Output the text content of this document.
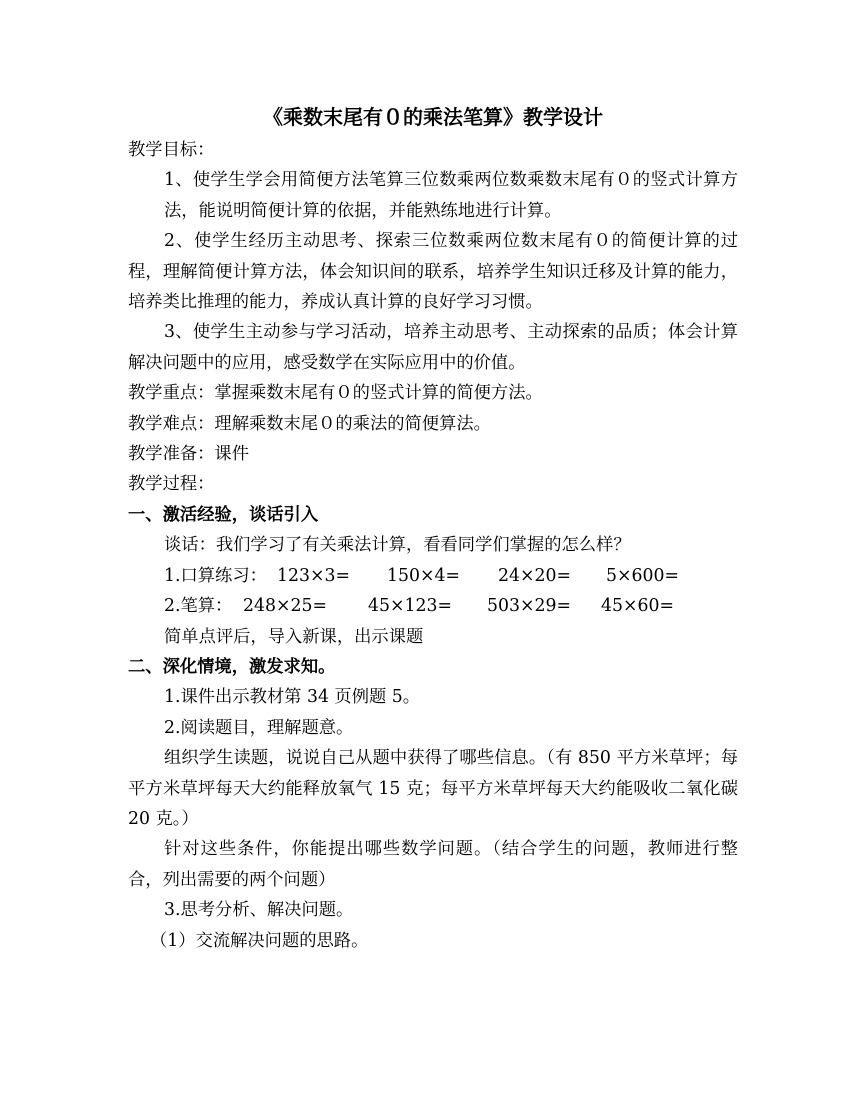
《乘数末尾有０的乘法笔算》教学设计
教学目标：
1、使学生学会用简便方法笔算三位数乘两位数乘数末尾有０的竖式计算方法，能说明简便计算的依据，并能熟练地进行计算。
2、使学生经历主动思考、探索三位数乘两位数末尾有０的简便计算的过程，理解简便计算方法，体会知识间的联系，培养学生知识迁移及计算的能力，培养类比推理的能力，养成认真计算的良好学习习惯。
3、使学生主动参与学习活动，培养主动思考、主动探索的品质；体会计算解决问题中的应用，感受数学在实际应用中的价值。
教学重点：掌握乘数末尾有０的竖式计算的简便方法。
教学难点：理解乘数末尾０的乘法的简便算法。
教学准备：课件
教学过程：
一、激活经验，谈话引入
谈话：我们学习了有关乘法计算，看看同学们掌握的怎么样？
1.口算练习： 123×3=	150×4=	24×20=	5×600=
2.笔算： 248×25=	45×123=	503×29=	45×60=
简单点评后，导入新课，出示课题
二、深化情境，激发求知。
1.课件出示教材第 34 页例题 5。
2.阅读题目，理解题意。
组织学生读题，说说自己从题中获得了哪些信息。（有 850 平方米草坪；每平方米草坪每天大约能释放氧气 15 克；每平方米草坪每天大约能吸收二氧化碳 20 克。）
针对这些条件，你能提出哪些数学问题。（结合学生的问题，教师进行整合，列出需要的两个问题）
3.思考分析、解决问题。
（1）交流解决问题的思路。
